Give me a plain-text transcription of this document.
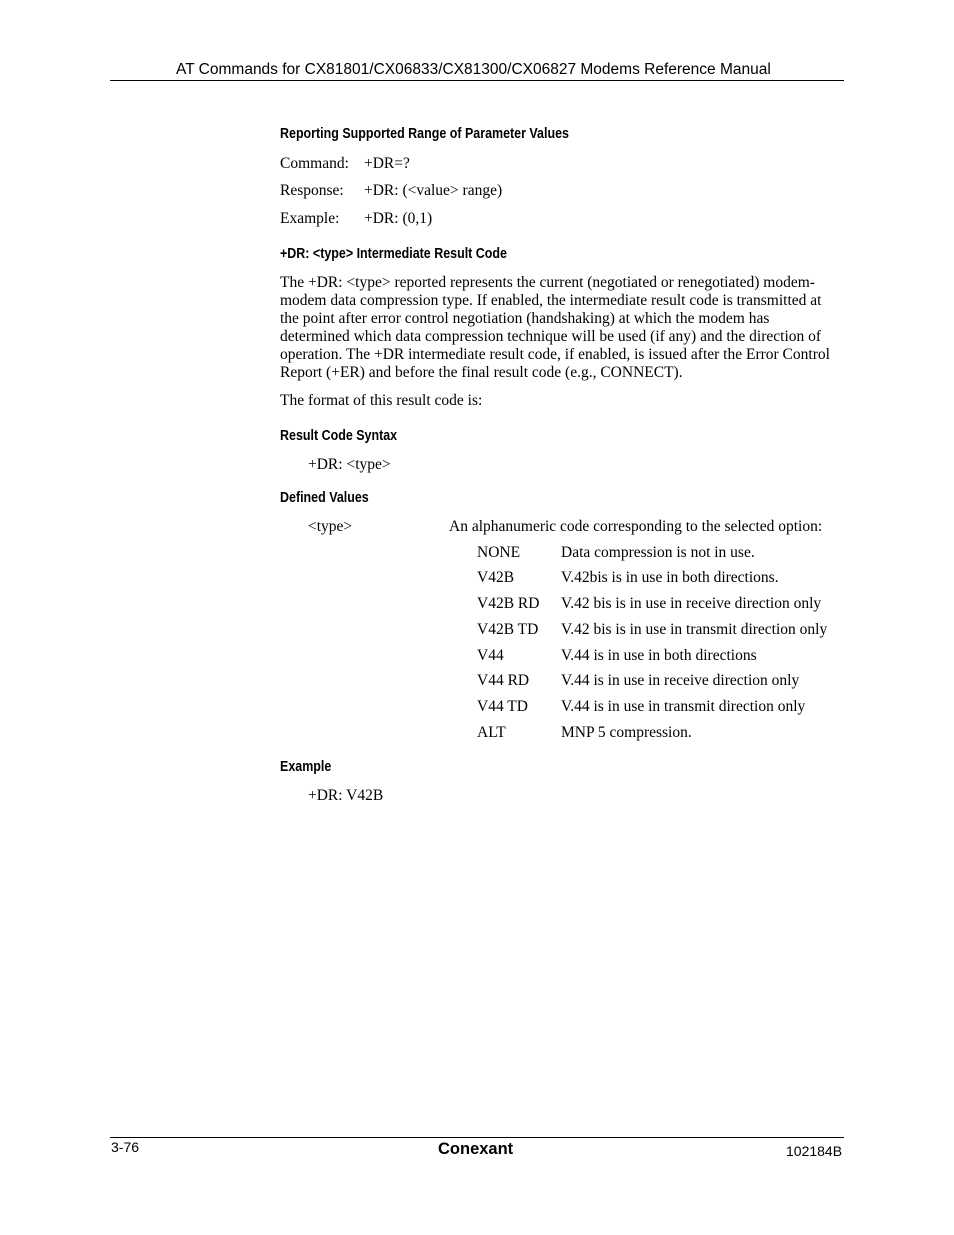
AT Commands for CX81801/CX06833/CX81300/CX06827 Modems Reference Manual
Reporting Supported Range of Parameter Values
Command: +DR=?
Response: +DR: (<value> range)
Example: +DR: (0,1)
+DR: <type> Intermediate Result Code
The +DR: <type> reported represents the current (negotiated or renegotiated) modem-modem data compression type. If enabled, the intermediate result code is transmitted at the point after error control negotiation (handshaking) at which the modem has determined which data compression technique will be used (if any) and the direction of operation. The +DR intermediate result code, if enabled, is issued after the Error Control Report (+ER) and before the final result code (e.g., CONNECT).
The format of this result code is:
Result Code Syntax
+DR: <type>
Defined Values
<type>	An alphanumeric code corresponding to the selected option:
NONE	Data compression is not in use.
V42B	V.42bis is in use in both directions.
V42B RD V.42 bis is in use in receive direction only
V42B TD V.42 bis is in use in transmit direction only
V44	V.44 is in use in both directions
V44 RD V.44 is in use in receive direction only
V44 TD V.44 is in use in transmit direction only
ALT	MNP 5 compression.
Example
+DR: V42B
3-76	Conexant	102184B
